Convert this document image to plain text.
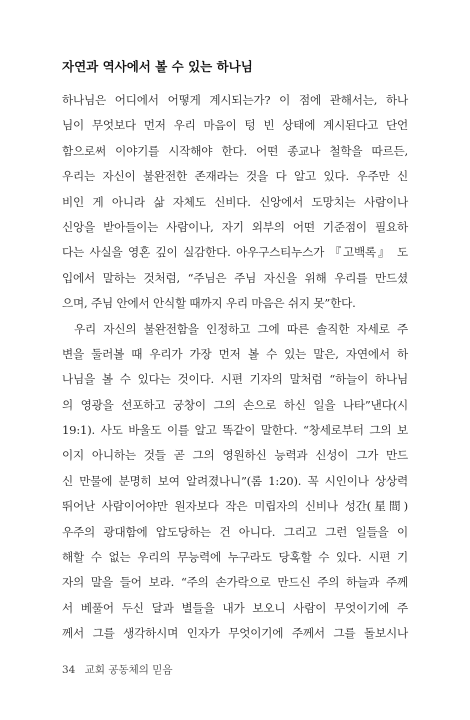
자연과 역사에서 볼 수 있는 하나님
하나님은 어디에서 어떻게 계시되는가? 이 점에 관해서는, 하나
님이 무엇보다 먼저 우리 마음이 텅 빈 상태에 계시된다고 단언
함으로써 이야기를 시작해야 한다. 어떤 종교나 철학을 따르든,
우리는 자신이 불완전한 존재라는 것을 다 알고 있다. 우주만 신
비인 게 아니라 삶 자체도 신비다. 신앙에서 도망치는 사람이나
신앙을 받아들이는 사람이나, 자기 외부의 어떤 기준점이 필요하
다는 사실을 영혼 깊이 실감한다. 아우구스티누스가 『고백록』 도
입에서 말하는 것처럼, “주님은 주님 자신을 위해 우리를 만드셨
으며, 주님 안에서 안식할 때까지 우리 마음은 쉬지 못”한다.
우리 자신의 불완전함을 인정하고 그에 따른 솔직한 자세로 주
변을 둘러볼 때 우리가 가장 먼저 볼 수 있는 말은, 자연에서 하
나님을 볼 수 있다는 것이다. 시편 기자의 말처럼 “하늘이 하나님
의 영광을 선포하고 궁창이 그의 손으로 하신 일을 나타”낸다(시
19:1). 사도 바울도 이를 알고 똑같이 말한다. “창세로부터 그의 보
이지 아니하는 것들 곧 그의 영원하신 능력과 신성이 그가 만드
신 만물에 분명히 보여 알려졌나니”(롬 1:20). 꼭 시인이나 상상력
뛰어난 사람이어야만 원자보다 작은 미립자의 신비나 성간(星間)
우주의 광대함에 압도당하는 건 아니다. 그리고 그런 일들을 이
해할 수 없는 우리의 무능력에 누구라도 당혹할 수 있다. 시편 기
자의 말을 들어 보라. “주의 손가락으로 만드신 주의 하늘과 주께
서 베풀어 두신 달과 별들을 내가 보오니 사람이 무엇이기에 주
께서 그를 생각하시며 인자가 무엇이기에 주께서 그를 돌보시나
34 교회 공동체의 믿음
